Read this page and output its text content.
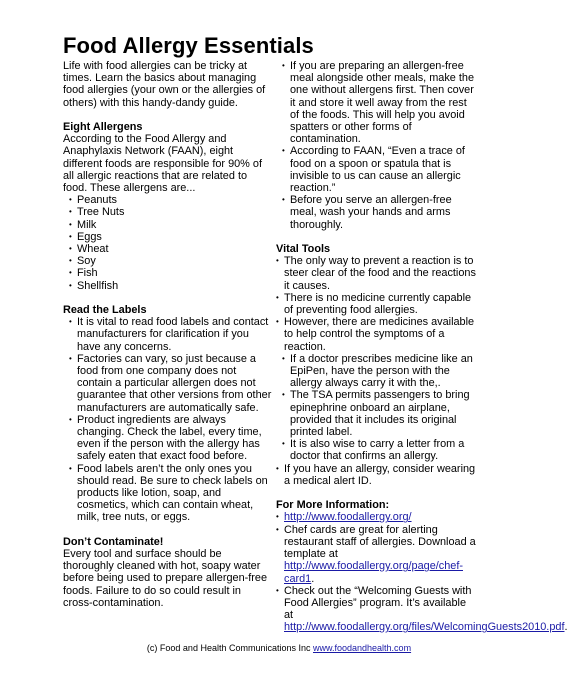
Food Allergy Essentials

Life with food allergies can be tricky at times. Learn the basics about managing food allergies (your own or the allergies of others) with this handy-dandy guide.

Eight Allergens

According to the Food Allergy and Anaphylaxis Network (FAAN), eight different foods are responsible for 90% of all allergic reactions that are related to food. These allergens are...

• Peanuts
• Tree Nuts
• Milk
• Eggs
• Wheat
• Soy
• Fish
• Shellfish
Read the Labels
• It is vital to read food labels and contact manufacturers for clarification if you have any concerns.
• Factories can vary, so just because a food from one company does not contain a particular allergen does not guarantee that other versions from other manufacturers are automatically safe.
• Product ingredients are always changing. Check the label, every time, even if the person with the allergy has safely eaten that exact food before.
• Food labels aren’t the only ones you should read. Be sure to check labels on products like lotion, soap, and cosmetics, which can contain wheat, milk, tree nuts, or eggs.
Don’t Contaminate!

Every tool and surface should be thoroughly cleaned with hot, soapy water before being used to prepare allergen-free foods. Failure to do so could result in cross-contamination.

• If you are preparing an allergen-free meal alongside other meals, make the one without allergens first. Then cover it and store it well away from the rest of the foods. This will help you avoid spatters or other forms of contamination.
• According to FAAN, “Even a trace of food on a spoon or spatula that is invisible to us can cause an allergic reaction.”
• Before you serve an allergen-free meal, wash your hands and arms thoroughly.
Vital Tools
• The only way to prevent a reaction is to steer clear of the food and the reactions it causes.
• There is no medicine currently capable of preventing food allergies.
• However, there are medicines available to help control the symptoms of a reaction.
• If a doctor prescribes medicine like an EpiPen, have the person with the allergy always carry it with the,.
• The TSA permits passengers to bring epinephrine onboard an airplane, provided that it includes its original printed label.
• It is also wise to carry a letter from a doctor that confirms an allergy.
• If you have an allergy, consider wearing a medical alert ID.
For More Information:
• http://www.foodallergy.org/
• Chef cards are great for alerting restaurant staff of allergies. Download a template at http://www.foodallergy.org/page/chef-card1.
• Check out the “Welcoming Guests with Food Allergies” program. It’s available at http://www.foodallergy.org/files/WelcomingGuests2010.pdf.
(c) Food and Health Communications Inc www.foodandhealth.com
